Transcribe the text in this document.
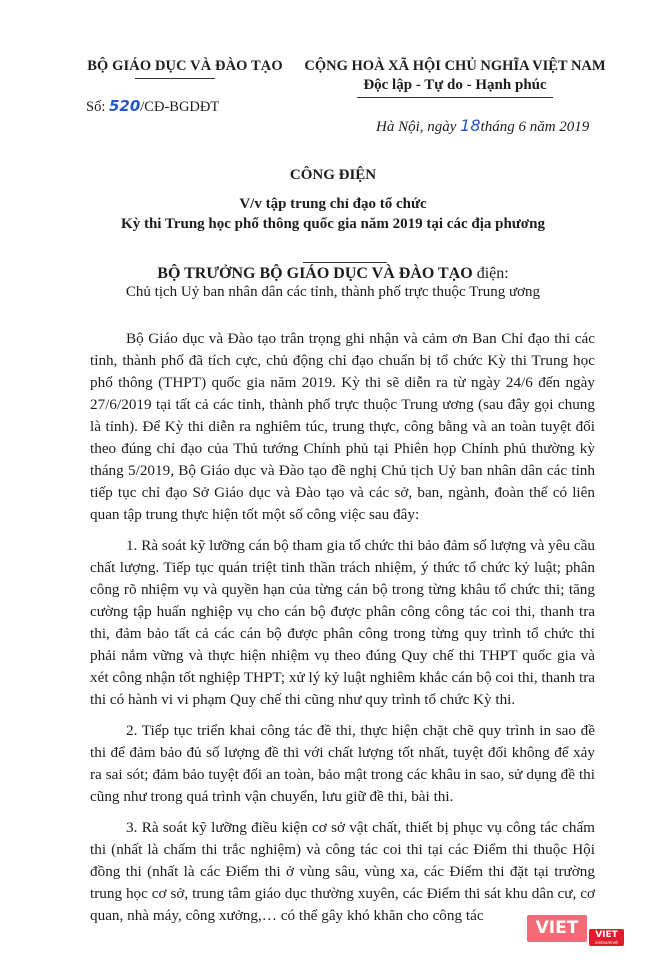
BỘ GIÁO DỤC VÀ ĐÀO TẠO
Số: 520/CĐ-BGDĐT
CỘNG HOÀ XÃ HỘI CHỦ NGHĨA VIỆT NAM
Độc lập - Tự do - Hạnh phúc
Hà Nội, ngày 18tháng 6 năm 2019
CÔNG ĐIỆN
V/v tập trung chỉ đạo tổ chức
Kỳ thi Trung học phổ thông quốc gia năm 2019 tại các địa phương
BỘ TRƯỞNG BỘ GIÁO DỤC VÀ ĐÀO TẠO điện:
Chủ tịch Uỷ ban nhân dân các tỉnh, thành phố trực thuộc Trung ương

Bộ Giáo dục và Đào tạo trân trọng ghi nhận và cảm ơn Ban Chỉ đạo thi các tỉnh, thành phố đã tích cực, chủ động chỉ đạo chuẩn bị tổ chức Kỳ thi Trung học phổ thông (THPT) quốc gia năm 2019. Kỳ thi sẽ diễn ra từ ngày 24/6 đến ngày 27/6/2019 tại tất cả các tỉnh, thành phố trực thuộc Trung ương (sau đây gọi chung là tỉnh). Để Kỳ thi diễn ra nghiêm túc, trung thực, công bằng và an toàn tuyệt đối theo đúng chỉ đạo của Thủ tướng Chính phủ tại Phiên họp Chính phủ thường kỳ tháng 5/2019, Bộ Giáo dục và Đào tạo đề nghị Chủ tịch Uỷ ban nhân dân các tỉnh tiếp tục chỉ đạo Sở Giáo dục và Đào tạo và các sở, ban, ngành, đoàn thể có liên quan tập trung thực hiện tốt một số công việc sau đây:

1. Rà soát kỹ lưỡng cán bộ tham gia tổ chức thi bảo đảm số lượng và yêu cầu chất lượng. Tiếp tục quán triệt tinh thần trách nhiệm, ý thức tổ chức kỷ luật; phân công rõ nhiệm vụ và quyền hạn của từng cán bộ trong từng khâu tổ chức thi; tăng cường tập huấn nghiệp vụ cho cán bộ được phân công công tác coi thi, thanh tra thi, đảm bảo tất cả các cán bộ được phân công trong từng quy trình tổ chức thi phải nắm vững và thực hiện nhiệm vụ theo đúng Quy chế thi THPT quốc gia và xét công nhận tốt nghiệp THPT; xử lý kỷ luật nghiêm khắc cán bộ coi thi, thanh tra thi có hành vi vi phạm Quy chế thi cũng như quy trình tổ chức Kỳ thi.

2. Tiếp tục triển khai công tác đề thi, thực hiện chặt chẽ quy trình in sao đề thi để đảm bảo đủ số lượng đề thi với chất lượng tốt nhất, tuyệt đối không để xảy ra sai sót; đảm bảo tuyệt đối an toàn, bảo mật trong các khâu in sao, sử dụng đề thi cũng như trong quá trình vận chuyển, lưu giữ đề thi, bài thi.

3. Rà soát kỹ lưỡng điều kiện cơ sở vật chất, thiết bị phục vụ công tác chấm thi (nhất là chấm thi trắc nghiệm) và công tác coi thi tại các Điểm thi thuộc Hội đồng thi (nhất là các Điểm thi ở vùng sâu, vùng xa, các Điểm thi đặt tại trường trung học cơ sở, trung tâm giáo dục thường xuyên, các Điểm thi sát khu dân cư, cơ quan, nhà máy, công xưởng,… có thể gây khó khăn cho công tác

VIET	VIET
vietnamnet
